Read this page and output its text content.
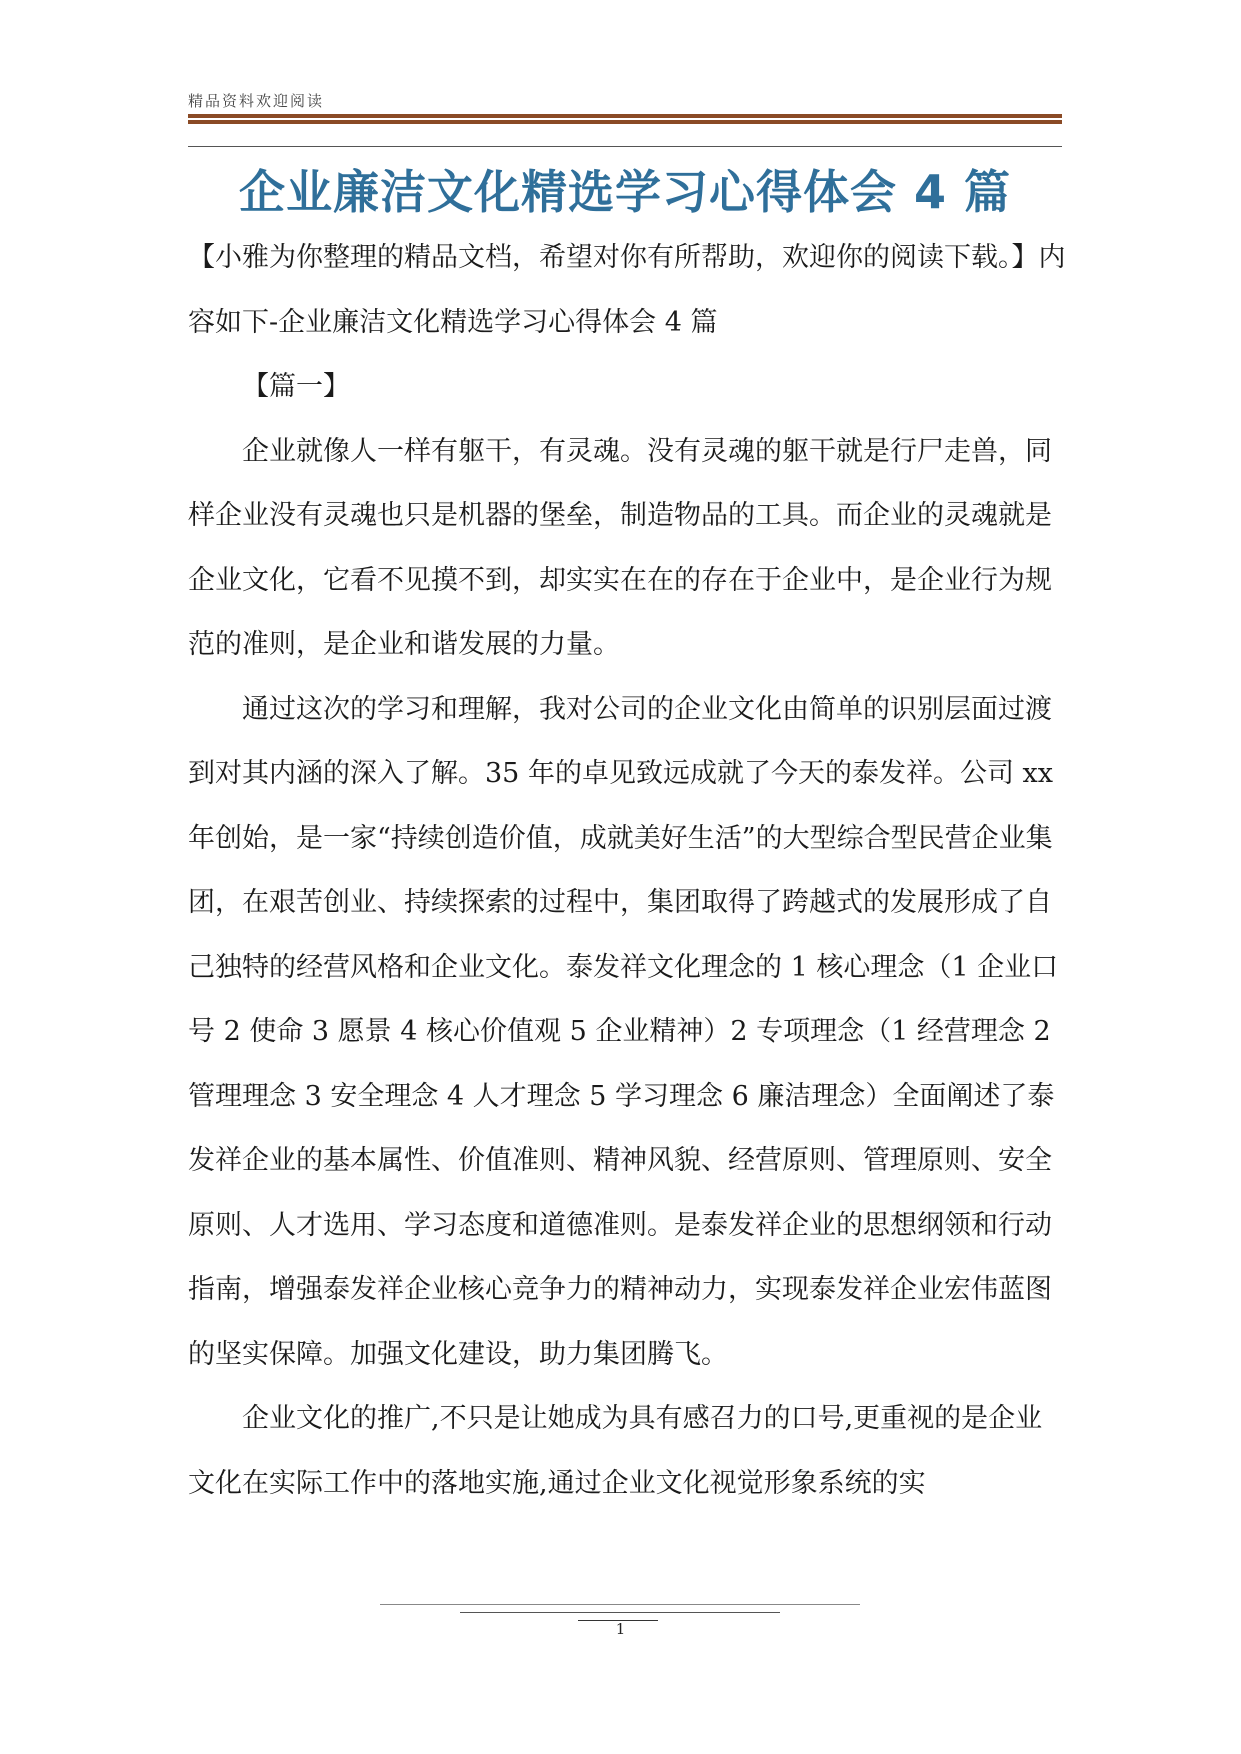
精品资料欢迎阅读
企业廉洁文化精选学习心得体会 4 篇

【小雅为你整理的精品文档，希望对你有所帮助，欢迎你的阅读下载。】内容如下-企业廉洁文化精选学习心得体会 4 篇

【篇一】

企业就像人一样有躯干，有灵魂。没有灵魂的躯干就是行尸走兽，同样企业没有灵魂也只是机器的堡垒，制造物品的工具。而企业的灵魂就是企业文化，它看不见摸不到，却实实在在的存在于企业中，是企业行为规范的准则，是企业和谐发展的力量。

通过这次的学习和理解，我对公司的企业文化由简单的识别层面过渡到对其内涵的深入了解。35 年的卓见致远成就了今天的泰发祥。公司 xx 年创始，是一家“持续创造价值，成就美好生活”的大型综合型民营企业集团，在艰苦创业、持续探索的过程中，集团取得了跨越式的发展形成了自己独特的经营风格和企业文化。泰发祥文化理念的 1 核心理念（1 企业口号 2 使命 3 愿景 4 核心价值观 5 企业精神）2 专项理念（1 经营理念 2 管理理念 3 安全理念 4 人才理念 5 学习理念 6 廉洁理念）全面阐述了泰发祥企业的基本属性、价值准则、精神风貌、经营原则、管理原则、安全原则、人才选用、学习态度和道德准则。是泰发祥企业的思想纲领和行动指南，增强泰发祥企业核心竞争力的精神动力，实现泰发祥企业宏伟蓝图的坚实保障。加强文化建设，助力集团腾飞。

企业文化的推广,不只是让她成为具有感召力的口号,更重视的是企业文化在实际工作中的落地实施,通过企业文化视觉形象系统的实

1
